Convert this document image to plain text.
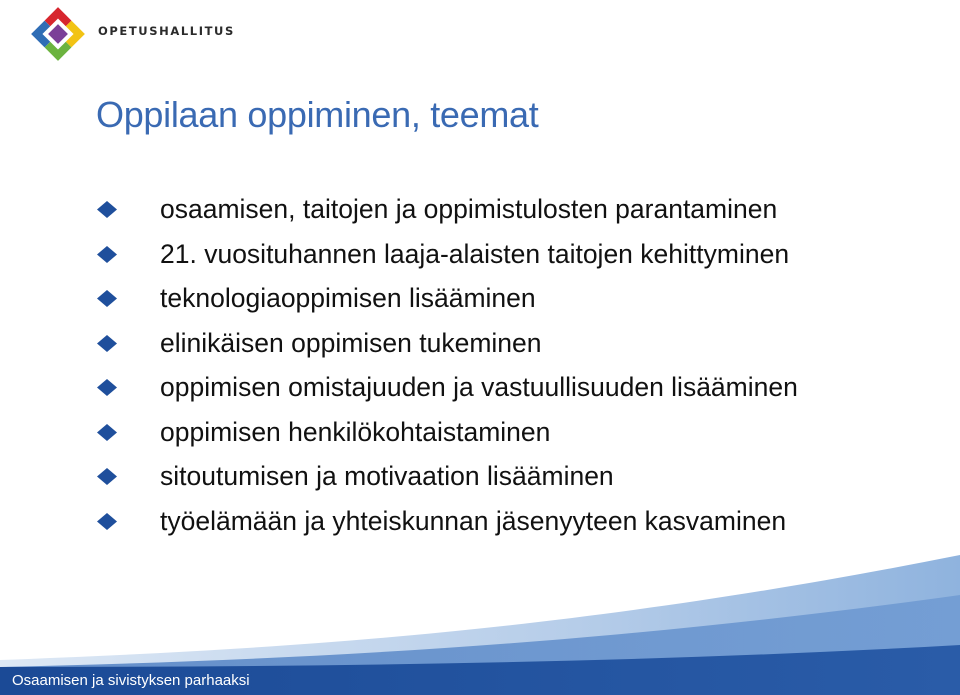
OPETUSHALLITUS
Oppilaan oppiminen, teemat
osaamisen, taitojen ja oppimistulosten parantaminen
21. vuosituhannen laaja-alaisten taitojen kehittyminen
teknologiaoppimisen lisääminen
elinikäisen oppimisen tukeminen
oppimisen omistajuuden ja vastuullisuuden lisääminen
oppimisen henkilökohtaistaminen
sitoutumisen ja motivaation lisääminen
työelämään ja yhteiskunnan jäsenyyteen kasvaminen
Osaamisen ja sivistyksen parhaaksi
